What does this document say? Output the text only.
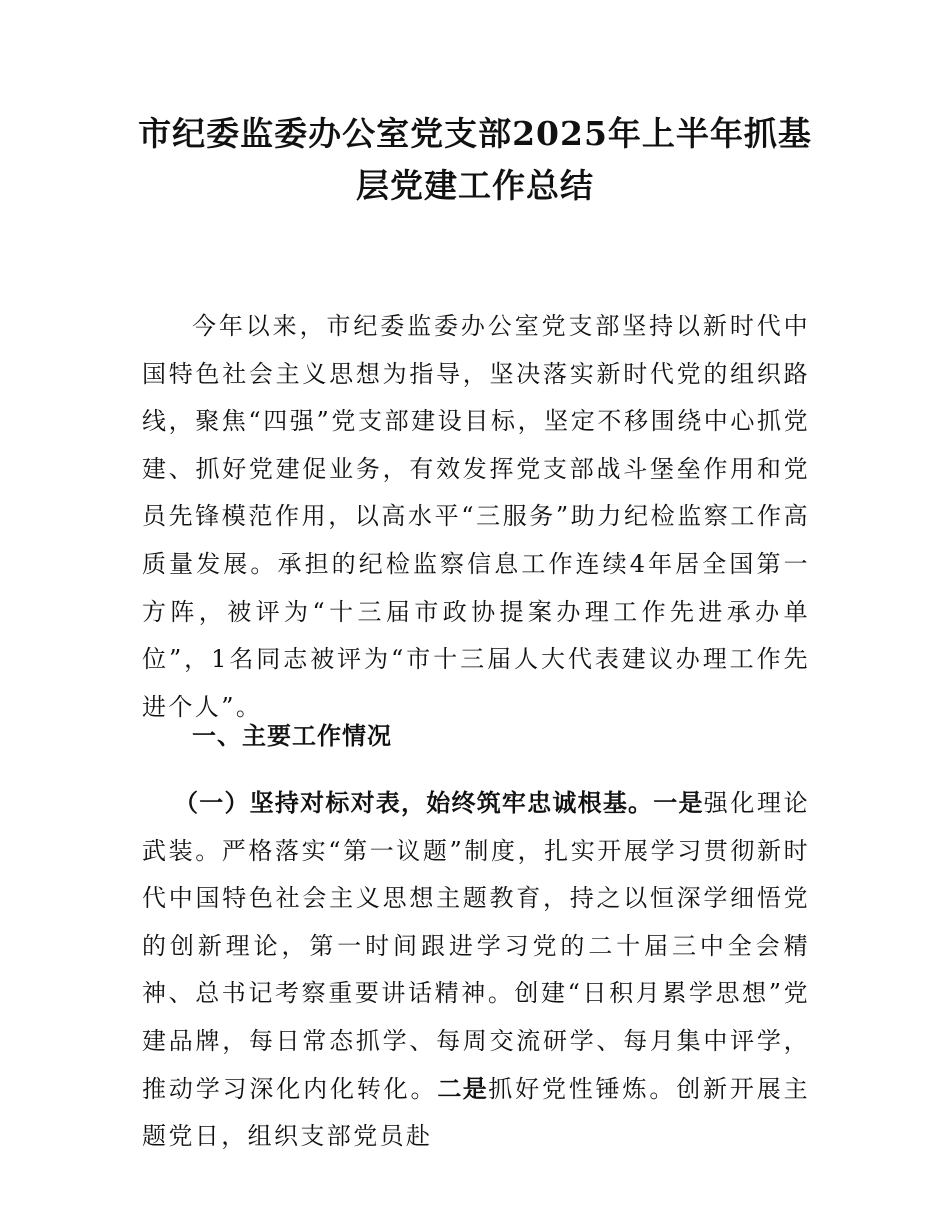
市纪委监委办公室党支部2025年上半年抓基
层党建工作总结

今年以来，市纪委监委办公室党支部坚持以新时代中国特色社会主义思想为指导，坚决落实新时代党的组织路线，聚焦“四强”党支部建设目标，坚定不移围绕中心抓党建、抓好党建促业务，有效发挥党支部战斗堡垒作用和党员先锋模范作用，以高水平“三服务”助力纪检监察工作高质量发展。承担的纪检监察信息工作连续4年居全国第一方阵，被评为“十三届市政协提案办理工作先进承办单位”，1名同志被评为“市十三届人大代表建议办理工作先进个人”。

一、主要工作情况

（一）坚持对标对表，始终筑牢忠诚根基。一是强化理论武装。严格落实“第一议题”制度，扎实开展学习贯彻新时代中国特色社会主义思想主题教育，持之以恒深学细悟党的创新理论，第一时间跟进学习党的二十届三中全会精神、总书记考察重要讲话精神。创建“日积月累学思想”党建品牌，每日常态抓学、每周交流研学、每月集中评学，推动学习深化内化转化。二是抓好党性锤炼。创新开展主题党日，组织支部党员赴
